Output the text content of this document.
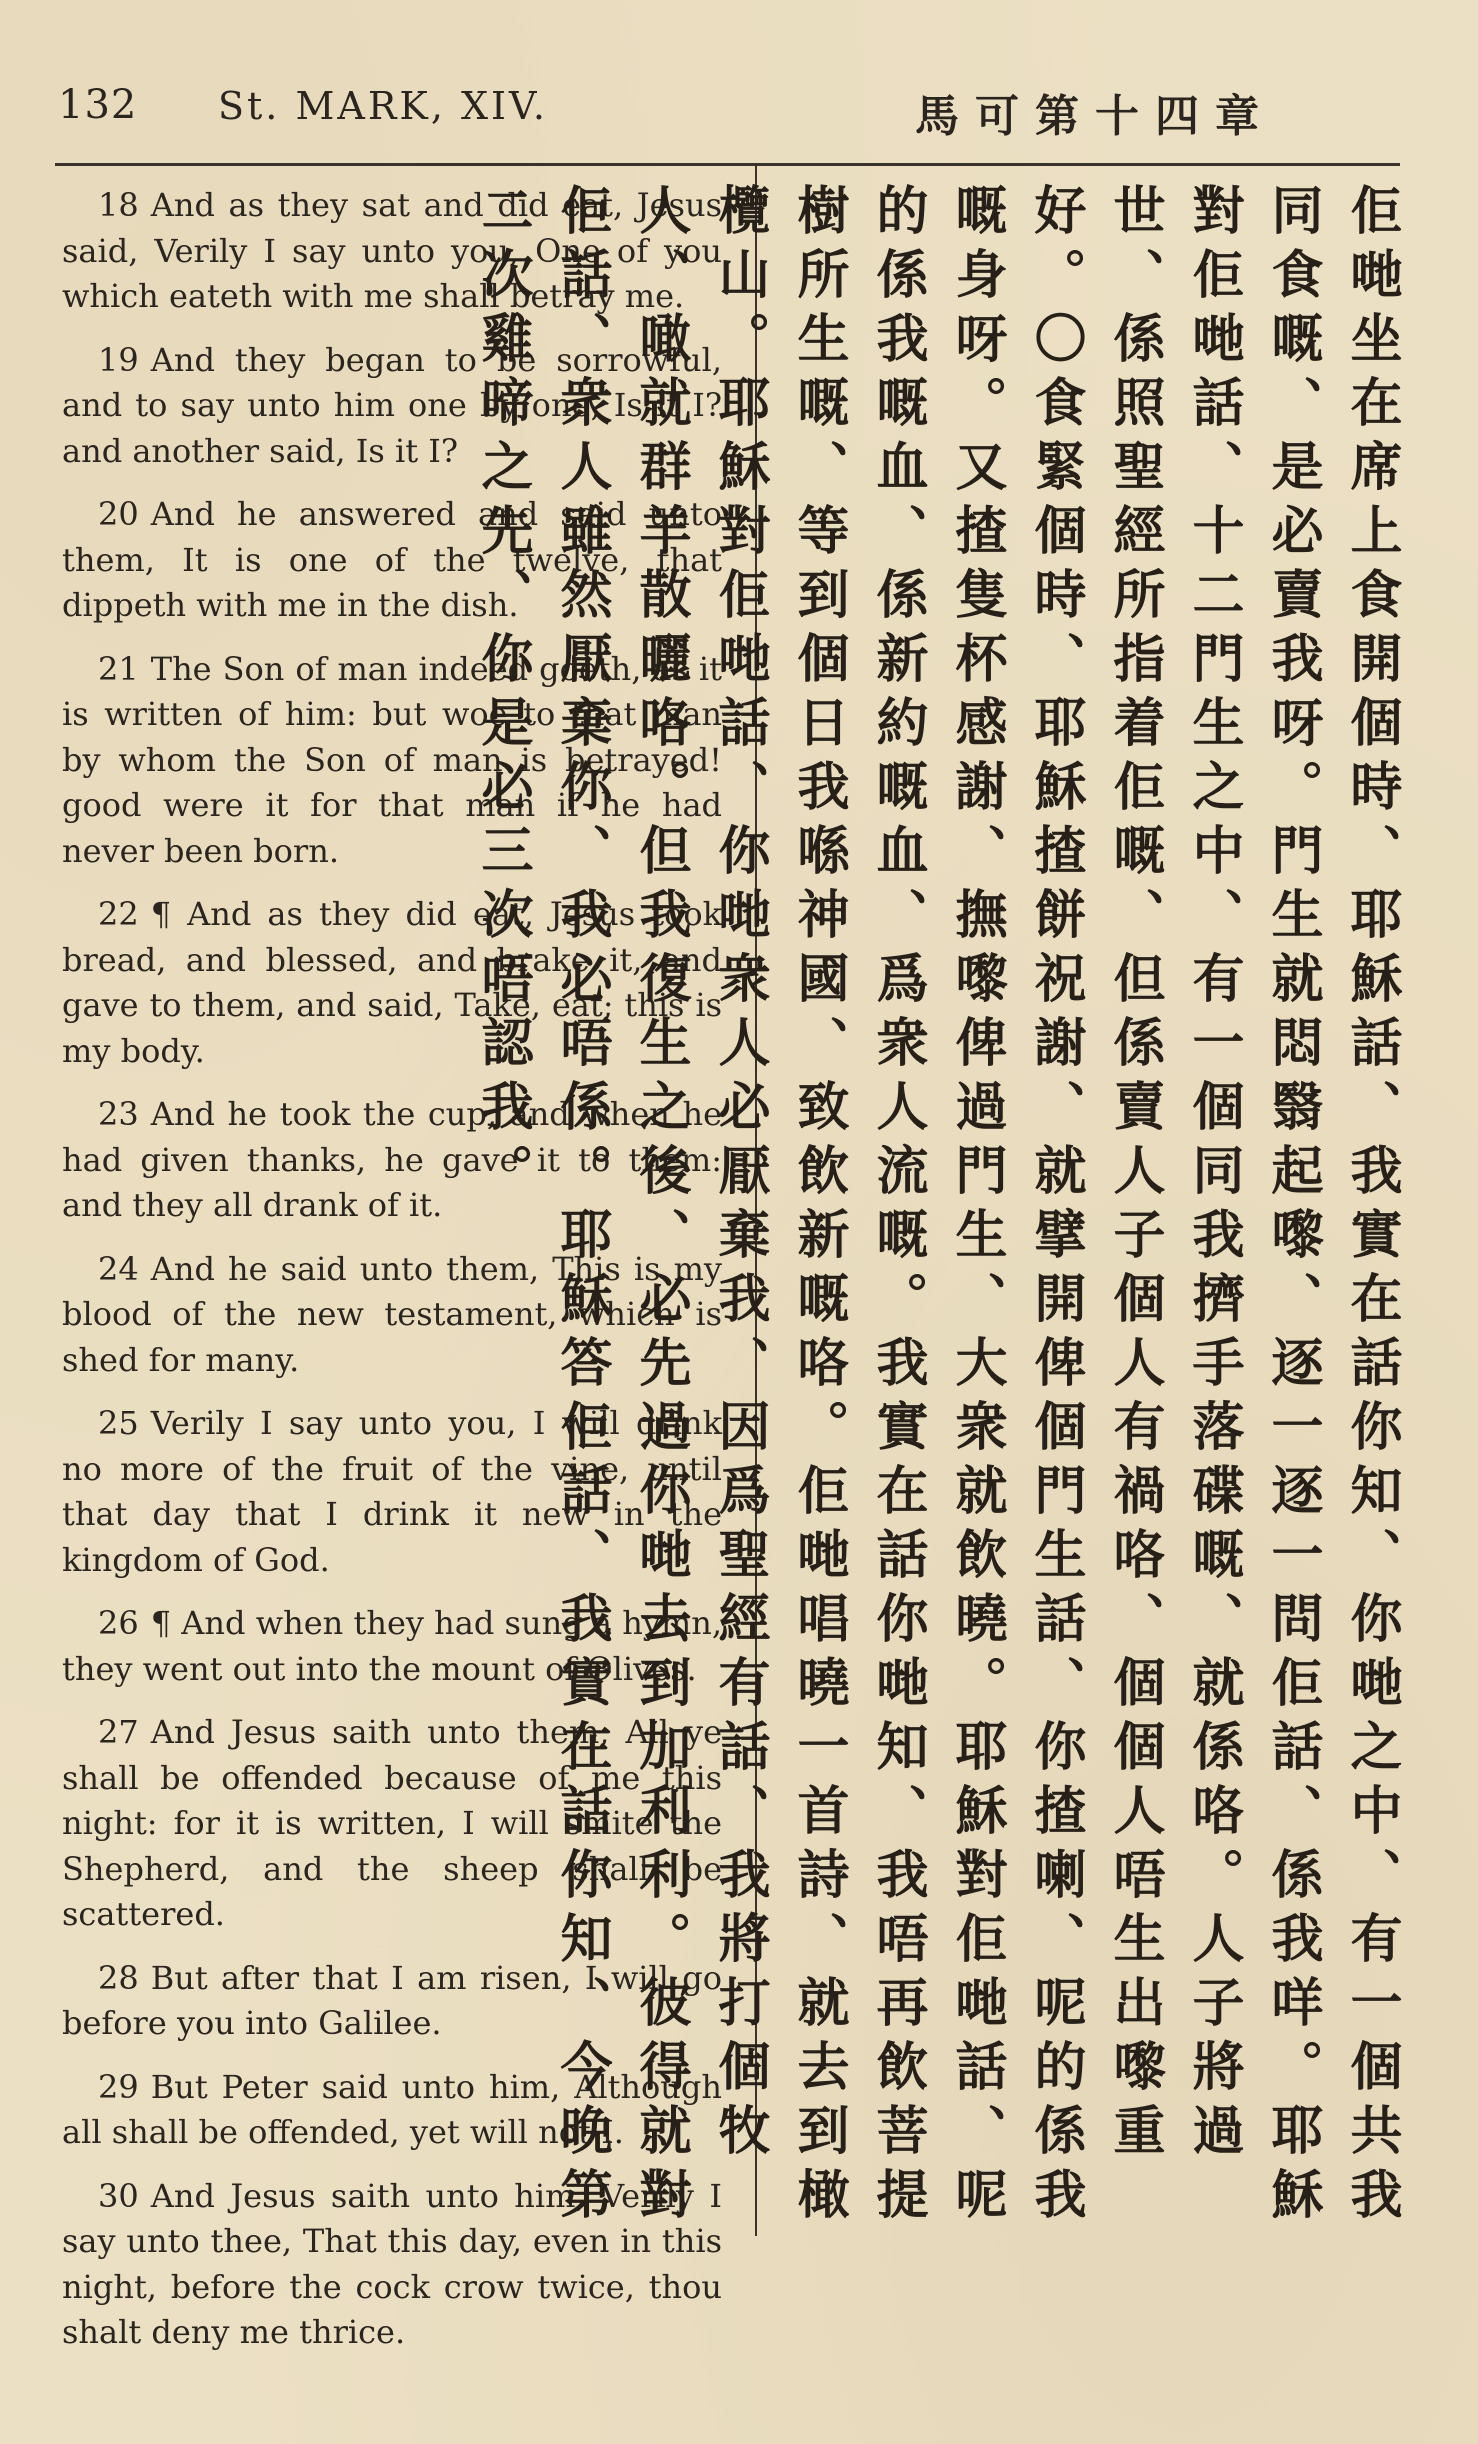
132 St. MARK, XIV.	馬可第十四章

18 And as they sat and did eat, Jesus said, Verily I say unto you, One of you which eateth with me shall betray me.

19 And they began to be sorrowful, and to say unto him one by one, Is it I? and another said, Is it I?

20 And he answered and said unto them, It is one of the twelve, that dippeth with me in the dish.

21 The Son of man indeed goeth, as it is written of him: but woe to that man by whom the Son of man is betrayed! good were it for that man if he had never been born.

22 ¶ And as they did eat, Jesus took bread, and blessed, and brake it, and gave to them, and said, Take, eat; this is my body.

23 And he took the cup, and when he had given thanks, he gave it to them: and they all drank of it.

24 And he said unto them, This is my blood of the new testament, which is shed for many.

25 Verily I say unto you, I will drink no more of the fruit of the vine, until that day that I drink it new in the kingdom of God.

26 ¶ And when they had sung a hymn, they went out into the mount of Olives.

27 And Jesus saith unto them, All ye shall be offended because of me this night: for it is written, I will smite the Shepherd, and the sheep shall be scattered.

28 But after that I am risen, I will go before you into Galilee.

29 But Peter said unto him, Although all shall be offended, yet will not I.

30 And Jesus saith unto him, Verily I say unto thee, That this day, even in this night, before the cock crow twice, thou shalt deny me thrice.

佢哋坐在席上食開個時、耶穌話、我實在話你知、你哋之中、有一個共我同食嘅、是必賣我呀。門生就悶翳起嚟、逐一逐一問佢話、係我咩。耶穌對佢哋話、十二門生之中、有一個同我擠手落碟嘅、就係咯。人子將過世、係照聖經所指着佢嘅、但係賣人子個人有禍咯、個個人唔生出嚟重好。〇食緊個時、耶穌揸餅祝謝、就擘開俾個門生話、你揸喇、呢的係我嘅身呀。又揸隻杯感謝、撫嚟俾過門生、大衆就飲曉。耶穌對佢哋話、呢的係我嘅血、係新約嘅血、爲衆人流嘅。我實在話你哋知、我唔再飲菩提樹所生嘅、等到個日我喺神國、致飲新嘅咯。佢哋唱曉一首詩、就去到橄欖山。耶穌對佢哋話、你哋衆人必厭棄我、因爲聖經有話、我將打個牧人、噉就群羊散曬咯。但我復生之後、必先過你哋去到加利利。彼得就對佢話、衆人雖然厭棄你、我必唔係。耶穌答佢話、我實在話你知、今晚第二次雞啼之先、你是必三次唔認我。
